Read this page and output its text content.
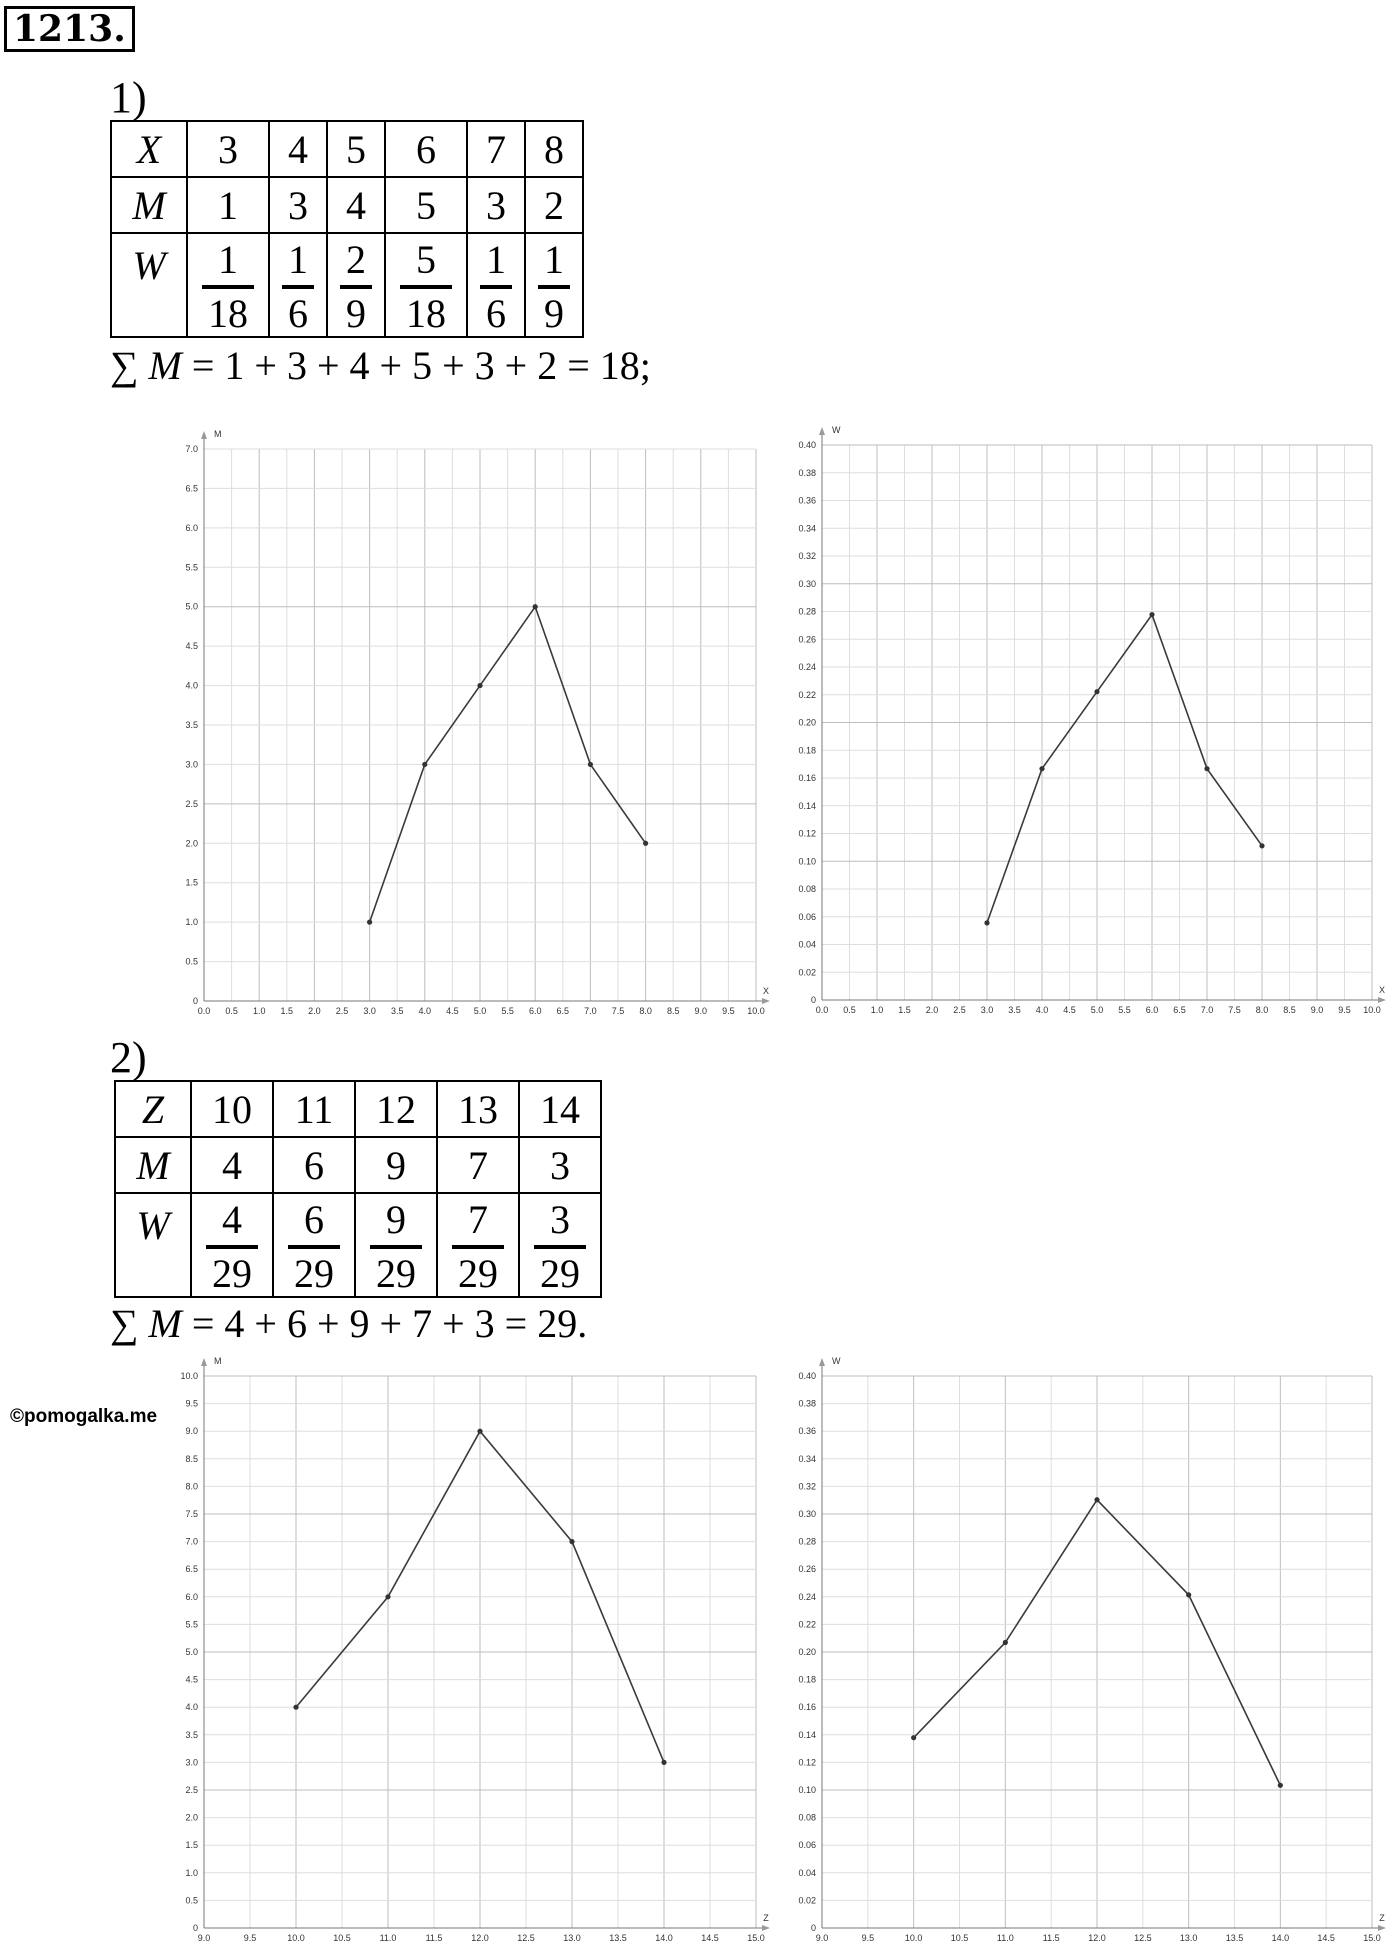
1213.
1)
X	3	4	5	6	7	8
M	1	3	4	5	3	2
W	$\frac{1}{18}$	$\frac{1}{6}$	$\frac{2}{9}$	$\frac{5}{18}$	$\frac{1}{6}$	$\frac{1}{9}$
∑ M = 1 + 3 + 4 + 5 + 3 + 2 = 18;
0.0 0.5 1.0 1.5 2.0 2.5 3.0 3.5 4.0 4.5 5.0 5.5 6.0 6.5 7.0 7.5 8.0 8.5 9.0 9.5 10.0
0
0.5
1.0
1.5
2.0
2.5
3.0
3.5
4.0
4.5
5.0
5.5
6.0
6.5
7.0
X
M
0.0 0.5 1.0 1.5 2.0 2.5 3.0 3.5 4.0 4.5 5.0 5.5 6.0 6.5 7.0 7.5 8.0 8.5 9.0 9.5 10.0
0
0.02
0.04
0.06
0.08
0.10
0.12
0.14
0.16
0.18
0.20
0.22
0.24
0.26
0.28
0.30
0.32
0.34
0.36
0.38
0.40
X
W
2)
Z	10	11	12	13	14
M	4	6	9	7	3
W	$\frac{4}{29}$	$\frac{6}{29}$	$\frac{9}{29}$	$\frac{7}{29}$	$\frac{3}{29}$
∑ M = 4 + 6 + 9 + 7 + 3 = 29.
©pomogalka.me
9.0	9.5	10.0	10.5	11.0	11.5	12.0	12.5	13.0	13.5	14.0	14.5	15.0
0
0.5
1.0
1.5
2.0
2.5
3.0
3.5
4.0
4.5
5.0
5.5
6.0
6.5
7.0
7.5
8.0
8.5
9.0
9.5
10.0
Z
M
9.0	9.5	10.0	10.5	11.0	11.5	12.0	12.5	13.0	13.5	14.0	14.5	15.0
0
0.02
0.04
0.06
0.08
0.10
0.12
0.14
0.16
0.18
0.20
0.22
0.24
0.26
0.28
0.30
0.32
0.34
0.36
0.38
0.40
Z
W
